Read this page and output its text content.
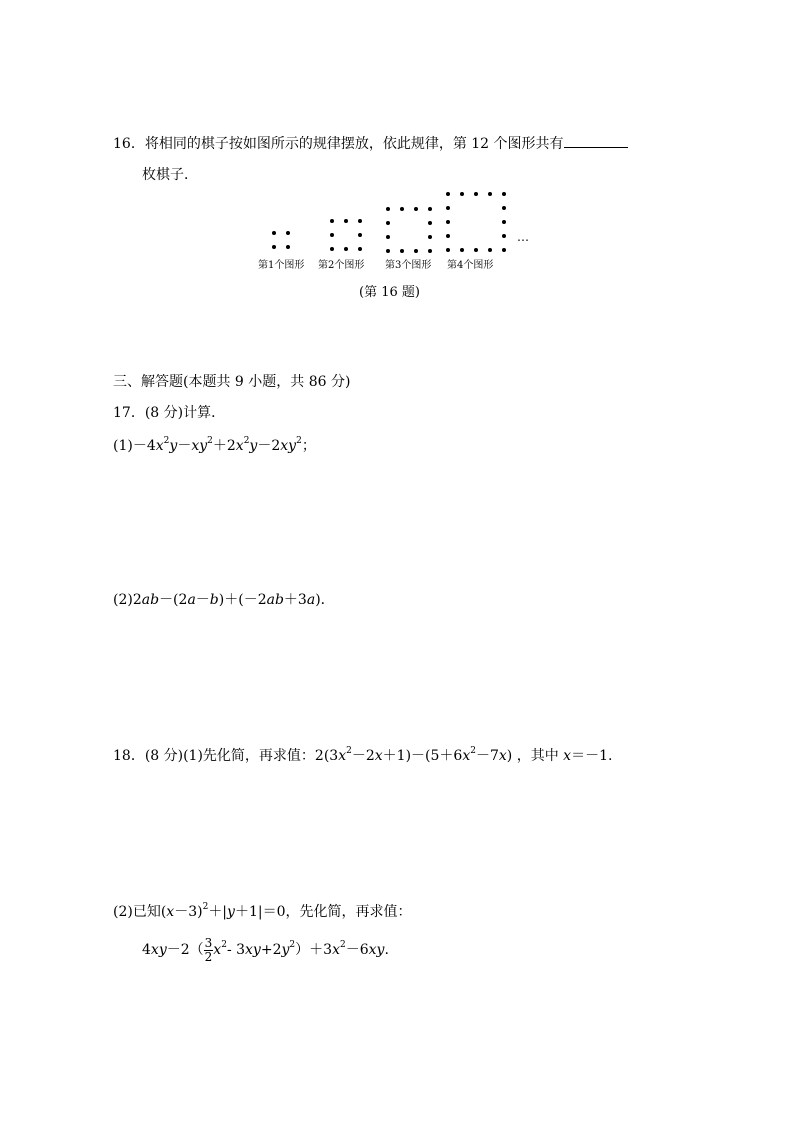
16．将相同的棋子按如图所示的规律摆放，依此规律，第 12 个图形共有
枚棋子．
…
第1个图形 第2个图形 第3个图形 第4个图形
(第 16 题)
三、解答题(本题共 9 小题，共 86 分)
17．(8 分)计算．
$(1)-4x^2y-xy^2+2x^2y-2xy^2$；
(2)2ab－(2a－b)＋(－2ab＋3a)．
18．(8 分)(1)先化简，再求值：$2(3x^2-2x+1)-(5+6x^2-7x)$ ，其中 x＝－1.
(2)已知$(x-3)^2+|y+1|=0$，先化简，再求值：
$4xy-2( \frac{3}{2} x^2-$ $3xy+2y^2)+3x^2-6xy$.
